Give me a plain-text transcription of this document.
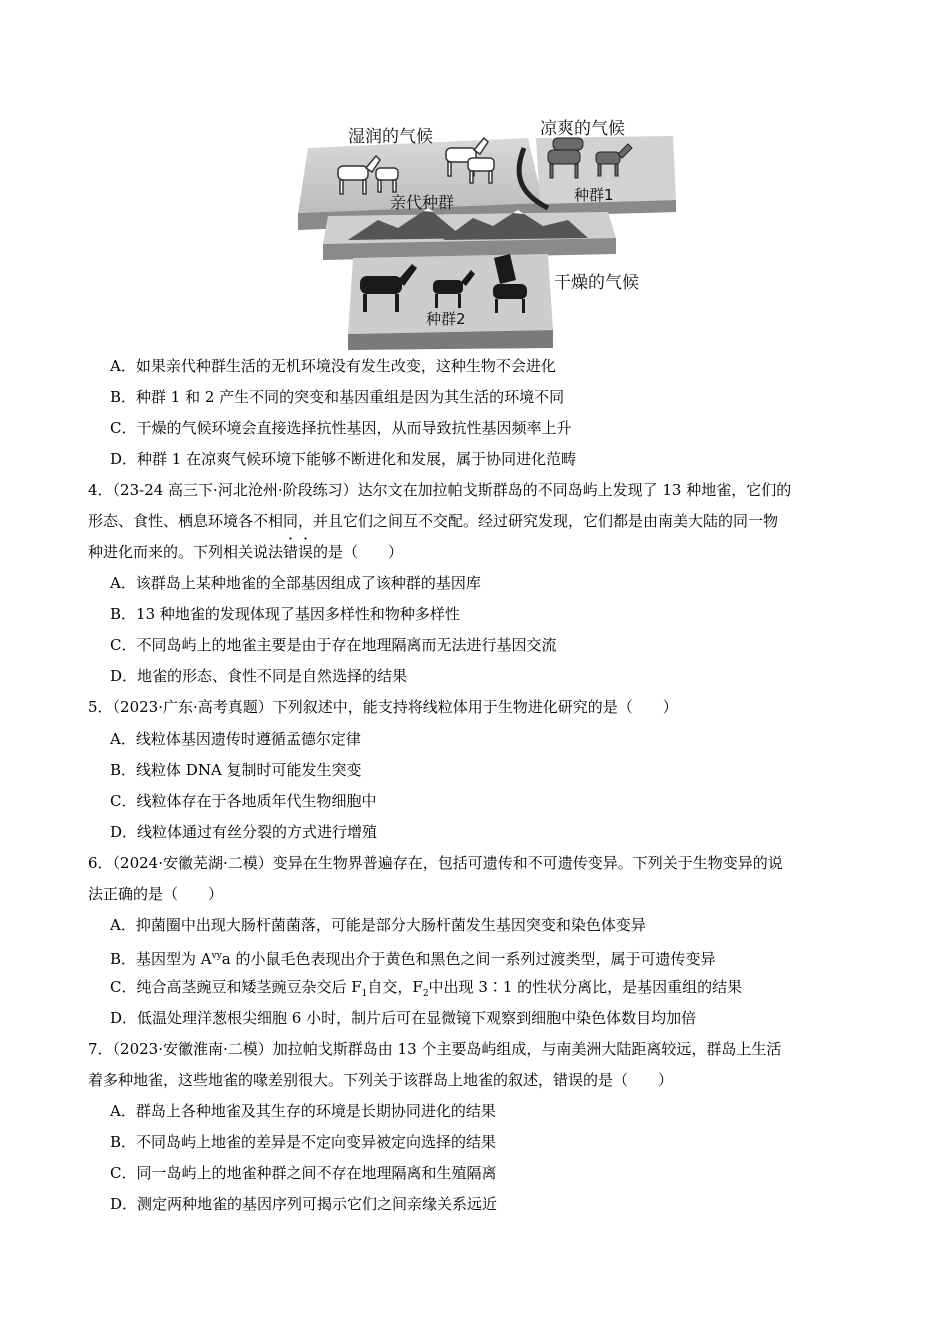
湿润的气候	凉爽的气候
亲代种群	种群1
干燥的气候
种群2
A．如果亲代种群生活的无机环境没有发生改变，这种生物不会进化
B．种群 1 和 2 产生不同的突变和基因重组是因为其生活的环境不同
C．干燥的气候环境会直接选择抗性基因，从而导致抗性基因频率上升
D．种群 1 在凉爽气候环境下能够不断进化和发展，属于协同进化范畴
4．（23-24 高三下·河北沧州·阶段练习）达尔文在加拉帕戈斯群岛的不同岛屿上发现了 13 种地雀，它们的
形态、食性、栖息环境各不相同，并且它们之间互不交配。经过研究发现，它们都是由南美大陆的同一物
种进化而来的。下列相关说法错误的是（　　）
A．该群岛上某种地雀的全部基因组成了该种群的基因库
B．13 种地雀的发现体现了基因多样性和物种多样性
C．不同岛屿上的地雀主要是由于存在地理隔离而无法进行基因交流
D．地雀的形态、食性不同是自然选择的结果
5．（2023·广东·高考真题）下列叙述中，能支持将线粒体用于生物进化研究的是（　　）
A．线粒体基因遗传时遵循孟德尔定律
B．线粒体 DNA 复制时可能发生突变
C．线粒体存在于各地质年代生物细胞中
D．线粒体通过有丝分裂的方式进行增殖
6．（2024·安徽芜湖·二模）变异在生物界普遍存在，包括可遗传和不可遗传变异。下列关于生物变异的说
法正确的是（　　）
A．抑菌圈中出现大肠杆菌菌落，可能是部分大肠杆菌发生基因突变和染色体变异
B．基因型为 $A^{vy}a$ 的小鼠毛色表现出介于黄色和黑色之间一系列过渡类型，属于可遗传变异
C．纯合高茎豌豆和矮茎豌豆杂交后 $F_1$自交，$F_2$中出现 3∶1 的性状分离比，是基因重组的结果
D．低温处理洋葱根尖细胞 6 小时，制片后可在显微镜下观察到细胞中染色体数目均加倍
7．（2023·安徽淮南·二模）加拉帕戈斯群岛由 13 个主要岛屿组成，与南美洲大陆距离较远，群岛上生活
着多种地雀，这些地雀的喙差别很大。下列关于该群岛上地雀的叙述，错误的是（　　）
A．群岛上各种地雀及其生存的环境是长期协同进化的结果
B．不同岛屿上地雀的差异是不定向变异被定向选择的结果
C．同一岛屿上的地雀种群之间不存在地理隔离和生殖隔离
D．测定两种地雀的基因序列可揭示它们之间亲缘关系远近
